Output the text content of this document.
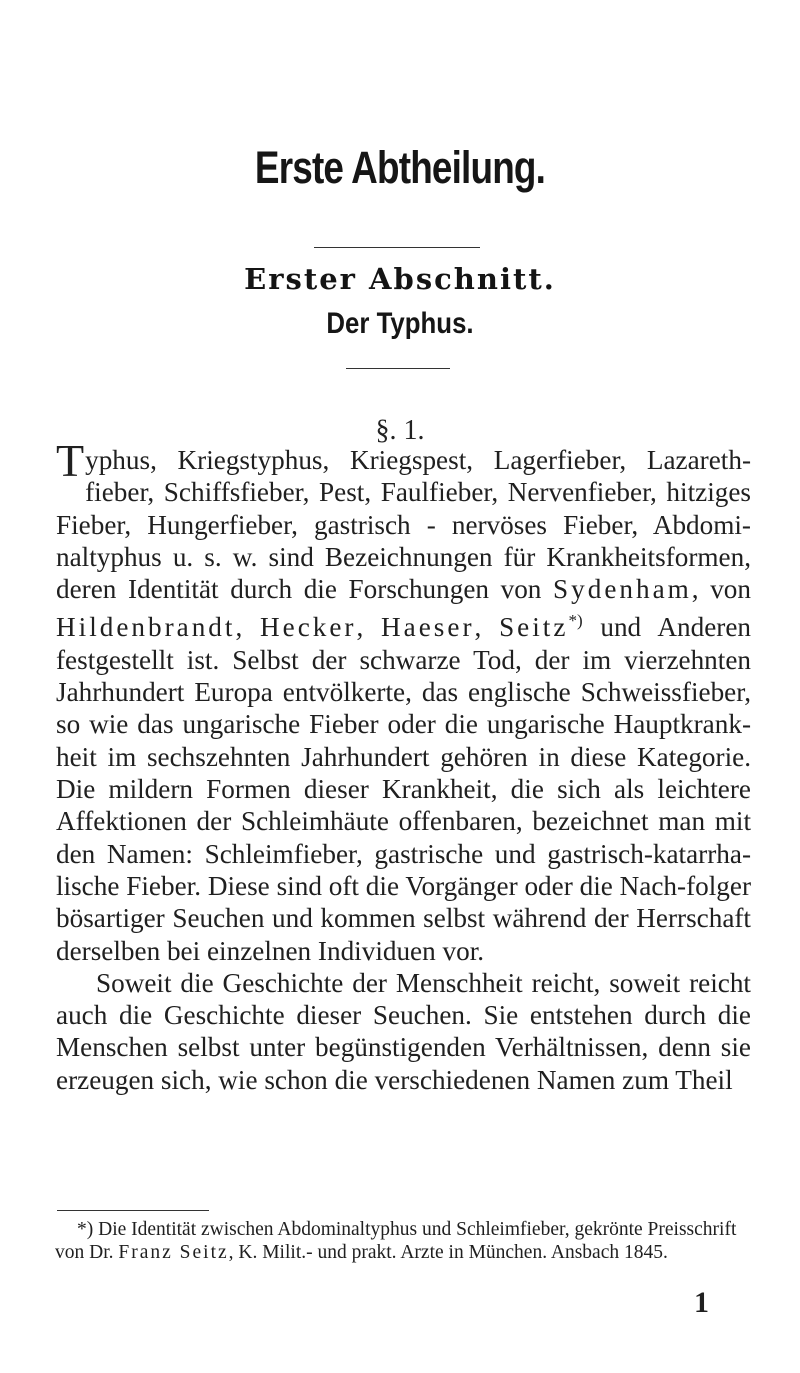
Erste Abtheilung.
Erster Abschnitt.
Der Typhus.
§. 1.

Typhus, Kriegstyphus, Kriegspest, Lagerfieber, Lazareth-fieber, Schiffsfieber, Pest, Faulfieber, Nervenfieber, hitziges Fieber, Hungerfieber, gastrisch - nervöses Fieber, Abdomi-naltyphus u. s. w. sind Bezeichnungen für Krankheitsformen, deren Identität durch die Forschungen von Sydenham, von Hildenbrandt, Hecker, Haeser, Seitz*) und Anderen festgestellt ist. Selbst der schwarze Tod, der im vierzehnten Jahrhundert Europa entvölkerte, das englische Schweissfieber, so wie das ungarische Fieber oder die ungarische Hauptkrank-heit im sechszehnten Jahrhundert gehören in diese Kategorie. Die mildern Formen dieser Krankheit, die sich als leichtere Affektionen der Schleimhäute offenbaren, bezeichnet man mit den Namen: Schleimfieber, gastrische und gastrisch-katarrha-lische Fieber. Diese sind oft die Vorgänger oder die Nach-folger bösartiger Seuchen und kommen selbst während der Herrschaft derselben bei einzelnen Individuen vor.

Soweit die Geschichte der Menschheit reicht, soweit reicht auch die Geschichte dieser Seuchen. Sie entstehen durch die Menschen selbst unter begünstigenden Verhältnissen, denn sie erzeugen sich, wie schon die verschiedenen Namen zum Theil

*) Die Identität zwischen Abdominaltyphus und Schleimfieber, gekrönte Preisschrift von Dr. Franz Seitz, K. Milit.- und prakt. Arzte in München. Ansbach 1845.

1
